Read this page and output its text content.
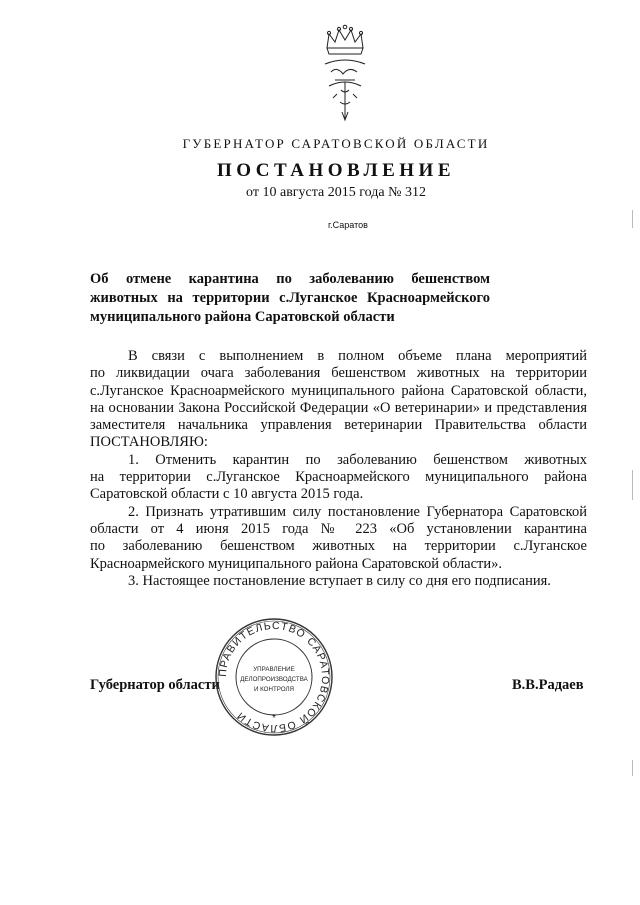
ГУБЕРНАТОР САРАТОВСКОЙ ОБЛАСТИ
ПОСТАНОВЛЕНИЕ
от 10 августа 2015 года № 312
г.Саратов
Об отмене карантина по заболеванию бешенством
животных на территории с.Луганское Красноармейского
муниципального района Саратовской области
В связи с выполнением в полном объеме плана мероприятий
по ликвидации очага заболевания бешенством животных на территории
с.Луганское Красноармейского муниципального района Саратовской области,
на основании Закона Российской Федерации «О ветеринарии» и представления
заместителя начальника управления ветеринарии Правительства области
ПОСТАНОВЛЯЮ:
1. Отменить карантин по заболеванию бешенством животных
на территории с.Луганское Красноармейского муниципального района
Саратовской области с 10 августа 2015 года.
2. Признать утратившим силу постановление Губернатора Саратовской
области от 4 июня 2015 года № 223 «Об установлении карантина
по заболеванию бешенством животных на территории с.Луганское
Красноармейского муниципального района Саратовской области».
3. Настоящее постановление вступает в силу со дня его подписания.
Губернатор области	В.В.Радаев
ПРАВИТЕЛЬСТВО САРАТОВСКОЙ ОБЛАСТИ	*
УПРАВЛЕНИЕ
ДЕЛОПРОИЗВОДСТВА
И КОНТРОЛЯ
